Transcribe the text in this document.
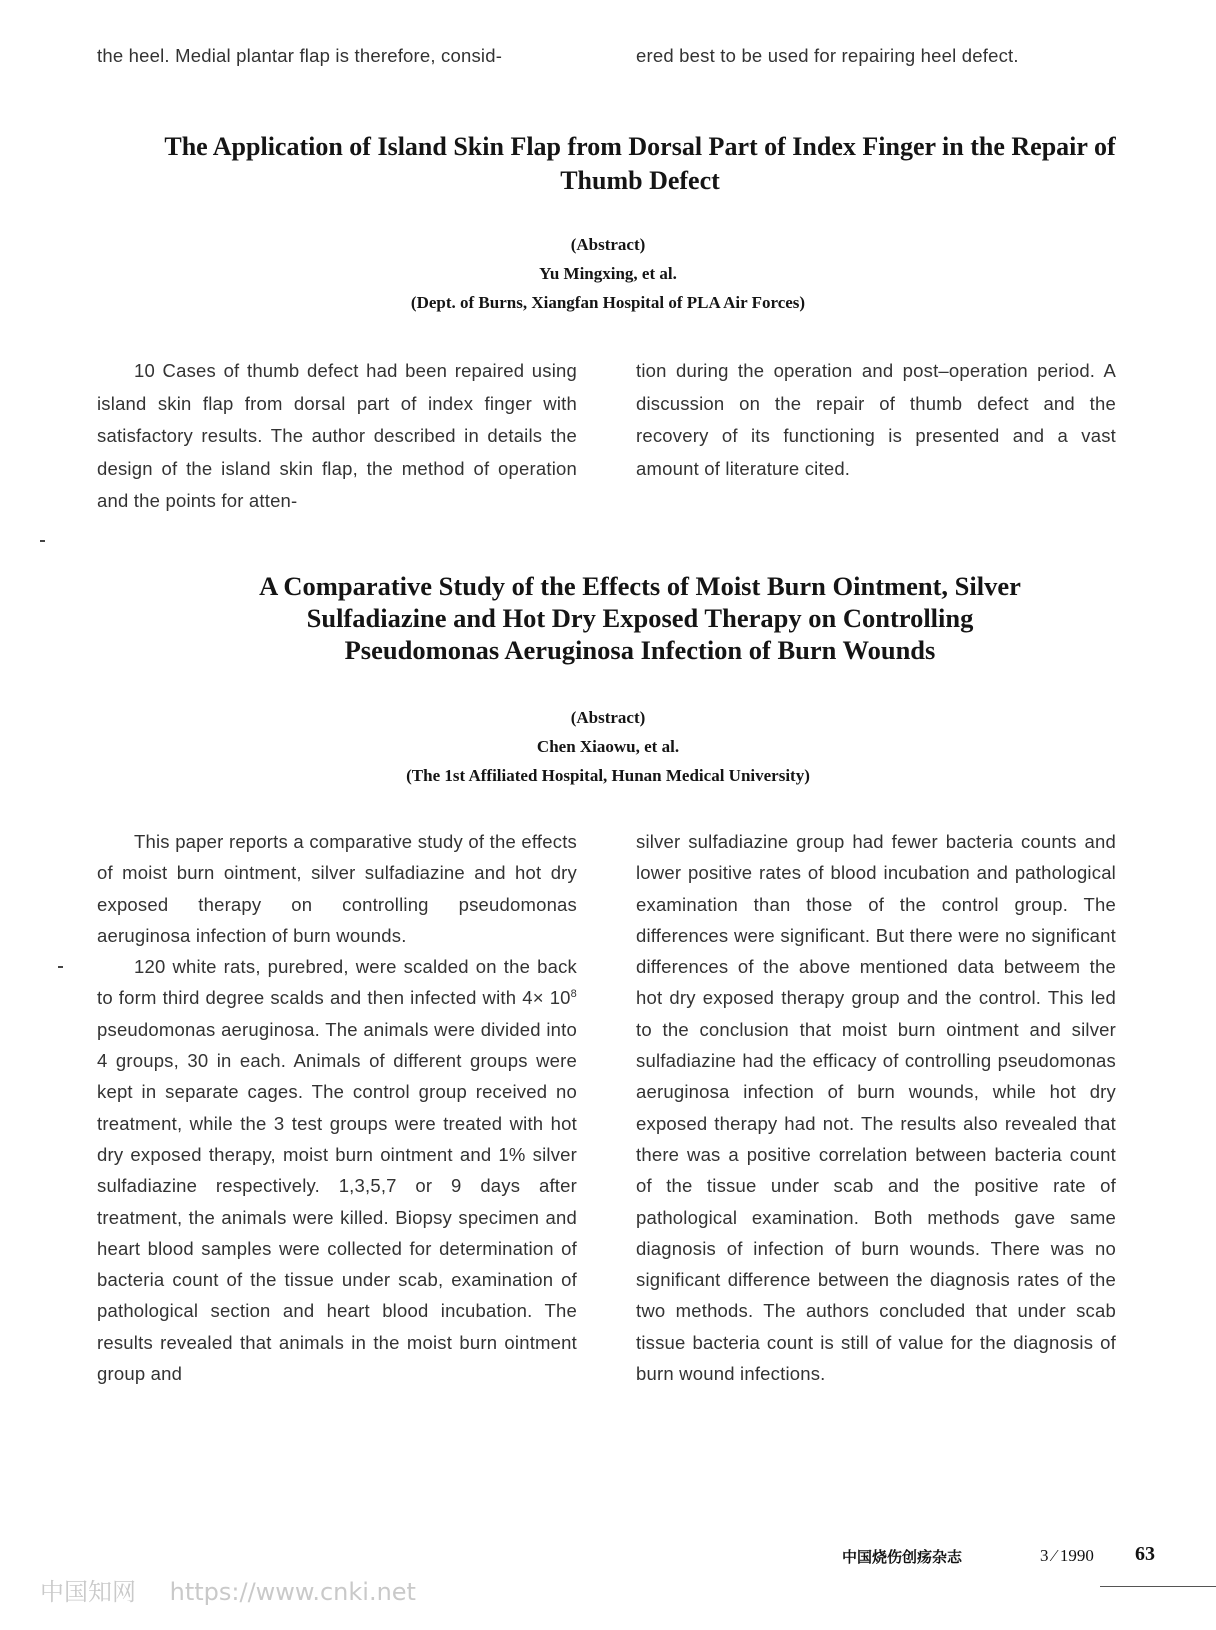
the heel. Medial plantar flap is therefore, consid-	ered best to be used for repairing heel defect.
The Application of Island Skin Flap from Dorsal Part of Index Finger in the Repair of Thumb Defect
(Abstract)
Yu Mingxing, et al.
(Dept. of Burns, Xiangfan Hospital of PLA Air Forces)

10 Cases of thumb defect had been repaired using island skin flap from dorsal part of index finger with satisfactory results. The author described in details the design of the island skin flap, the method of operation and the points for atten-

tion during the operation and post–operation period. A discussion on the repair of thumb defect and the recovery of its functioning is presented and a vast amount of literature cited.

A Comparative Study of the Effects of Moist Burn Ointment, Silver
Sulfadiazine and Hot Dry Exposed Therapy on Controlling
Pseudomonas Aeruginosa Infection of Burn Wounds
(Abstract)
Chen Xiaowu, et al.
(The 1st Affiliated Hospital, Hunan Medical University)

This paper reports a comparative study of the effects of moist burn ointment, silver sulfadiazine and hot dry exposed therapy on controlling pseudomonas aeruginosa infection of burn wounds.

120 white rats, purebred, were scalded on the back to form third degree scalds and then infected with $4\times 10^8$ pseudomonas aeruginosa. The animals were divided into 4 groups, 30 in each. Animals of different groups were kept in separate cages. The control group received no treatment, while the 3 test groups were treated with hot dry exposed therapy, moist burn ointment and 1% silver sulfadiazine respectively. 1,3,5,7 or 9 days after treatment, the animals were killed. Biopsy specimen and heart blood samples were collected for determination of bacteria count of the tissue under scab, examination of pathological section and heart blood incubation. The results revealed that animals in the moist burn ointment group and

silver sulfadiazine group had fewer bacteria counts and lower positive rates of blood incubation and pathological examination than those of the control group. The differences were significant. But there were no significant differences of the above mentioned data betweem the hot dry exposed therapy group and the control. This led to the conclusion that moist burn ointment and silver sulfadiazine had the efficacy of controlling pseudomonas aeruginosa infection of burn wounds, while hot dry exposed therapy had not. The results also revealed that there was a positive correlation between bacteria count of the tissue under scab and the positive rate of pathological examination. Both methods gave same diagnosis of infection of burn wounds. There was no significant difference between the diagnosis rates of the two methods. The authors concluded that under scab tissue bacteria count is still of value for the diagnosis of burn wound infections.

中国烧伤创疡杂志	3 ⁄ 1990 63
中国知网 https://www.cnki.net
